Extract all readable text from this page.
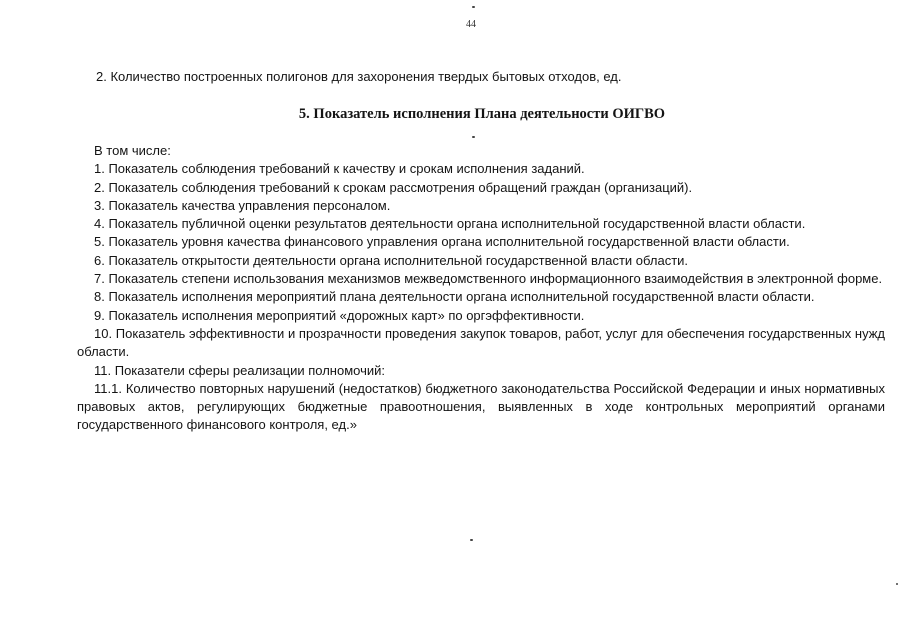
44
2. Количество построенных полигонов для захоронения твердых бытовых отходов, ед.
5. Показатель исполнения Плана деятельности ОИГВО

В том числе:

1. Показатель соблюдения требований к качеству и срокам исполнения заданий.

2. Показатель соблюдения требований к срокам рассмотрения обращений граждан (организаций).

3. Показатель качества управления персоналом.

4. Показатель публичной оценки результатов деятельности органа исполнительной государственной власти области.

5. Показатель уровня качества финансового управления органа исполнительной государственной власти области.

6. Показатель открытости деятельности органа исполнительной государственной власти области.

7. Показатель степени использования механизмов межведомственного информационного взаимодействия в электронной форме.

8. Показатель исполнения мероприятий плана деятельности органа исполнительной государственной власти области.

9. Показатель исполнения мероприятий «дорожных карт» по оргэффективности.

10. Показатель эффективности и прозрачности проведения закупок товаров, работ, услуг для обеспечения государственных нужд области.

11. Показатели сферы реализации полномочий:

11.1. Количество повторных нарушений (недостатков) бюджетного законодательства Российской Федерации и иных нормативных правовых актов, регулирующих бюджетные правоотношения, выявленных в ходе контрольных мероприятий органами государственного финансового контроля, ед.»
